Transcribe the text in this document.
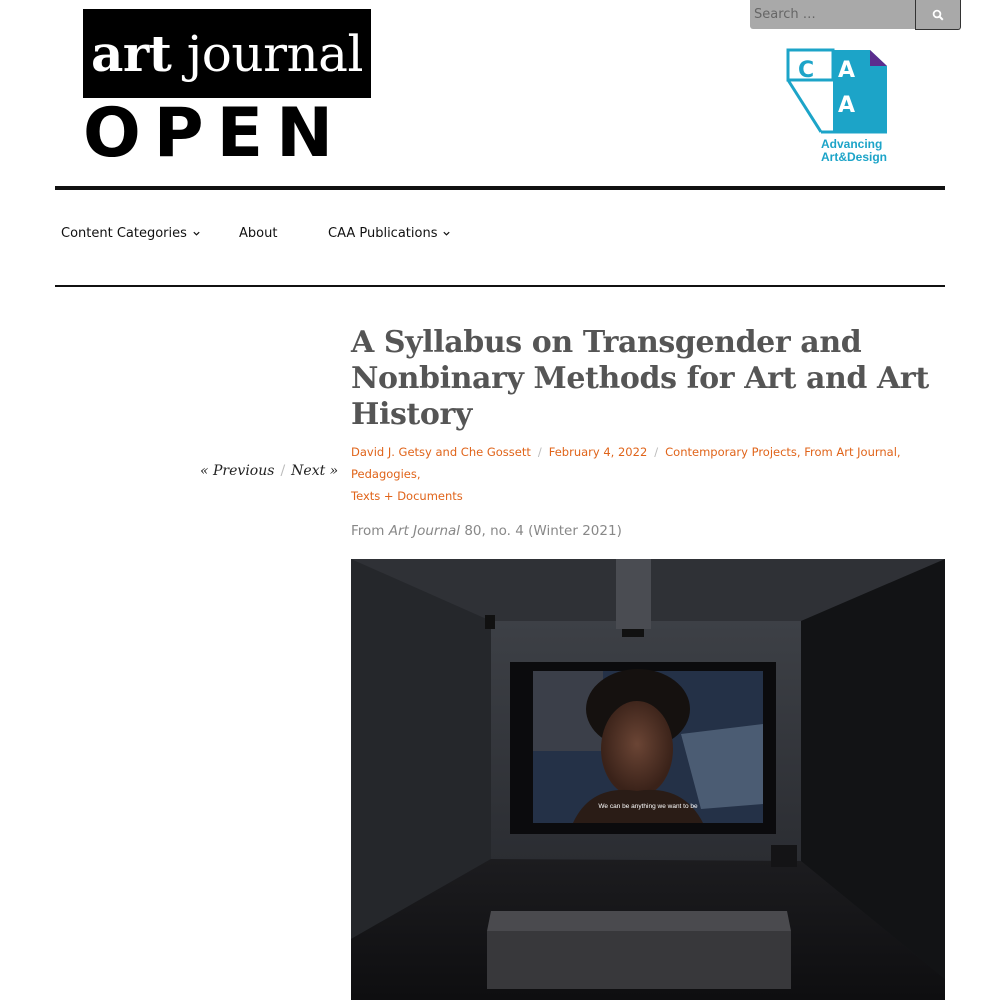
art journal
OPEN
Search …
C A
A
Advancing
Art&Design
Content Categories	About	CAA Publications
« Previous / Next »
A Syllabus on Transgender and Nonbinary Methods for Art and Art History
David J. Getsy and Che Gossett / February 4, 2022 / Contemporary Projects, From Art Journal, Pedagogies,
Texts + Documents
From Art Journal 80, no. 4 (Winter 2021)
We can be anything we want to be
